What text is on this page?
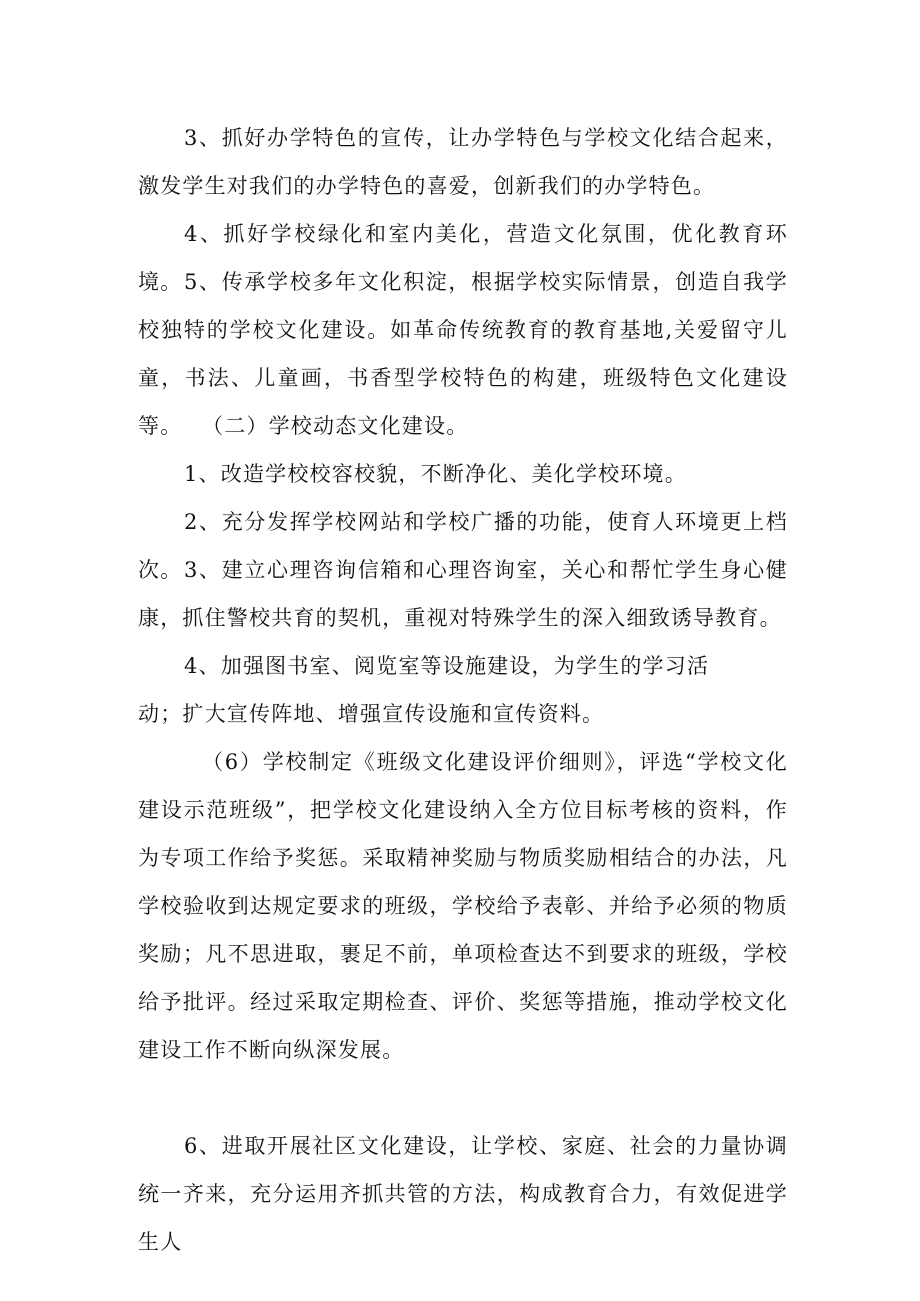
3、抓好办学特色的宣传，让办学特色与学校文化结合起来，激发学生对我们的办学特色的喜爱，创新我们的办学特色。

4、抓好学校绿化和室内美化，营造文化氛围，优化教育环境。 5、传承学校多年文化积淀，根据学校实际情景，创造自我学校独特的学校文化建设。如革命传统教育的教育基地,关爱留守儿童，书法、儿童画，书香型学校特色的构建，班级特色文化建设等。 （二）学校动态文化建设。

1、改造学校校容校貌，不断净化、美化学校环境。

2、充分发挥学校网站和学校广播的功能，使育人环境更上档次。 3、建立心理咨询信箱和心理咨询室，关心和帮忙学生身心健康，抓住警校共育的契机，重视对特殊学生的深入细致诱导教育。

4、加强图书室、阅览室等设施建设，为学生的学习活

动；扩大宣传阵地、增强宣传设施和宣传资料。

（6）学校制定《班级文化建设评价细则》，评选“学校文化建设示范班级”，把学校文化建设纳入全方位目标考核的资料，作为专项工作给予奖惩。采取精神奖励与物质奖励相结合的办法，凡学校验收到达规定要求的班级，学校给予表彰、并给予必须的物质奖励；凡不思进取，裹足不前，单项检查达不到要求的班级，学校给予批评。经过采取定期检查、评价、奖惩等措施，推动学校文化建设工作不断向纵深发展。

6、进取开展社区文化建设，让学校、家庭、社会的力量协调统一齐来，充分运用齐抓共管的方法，构成教育合力，有效促进学生人
